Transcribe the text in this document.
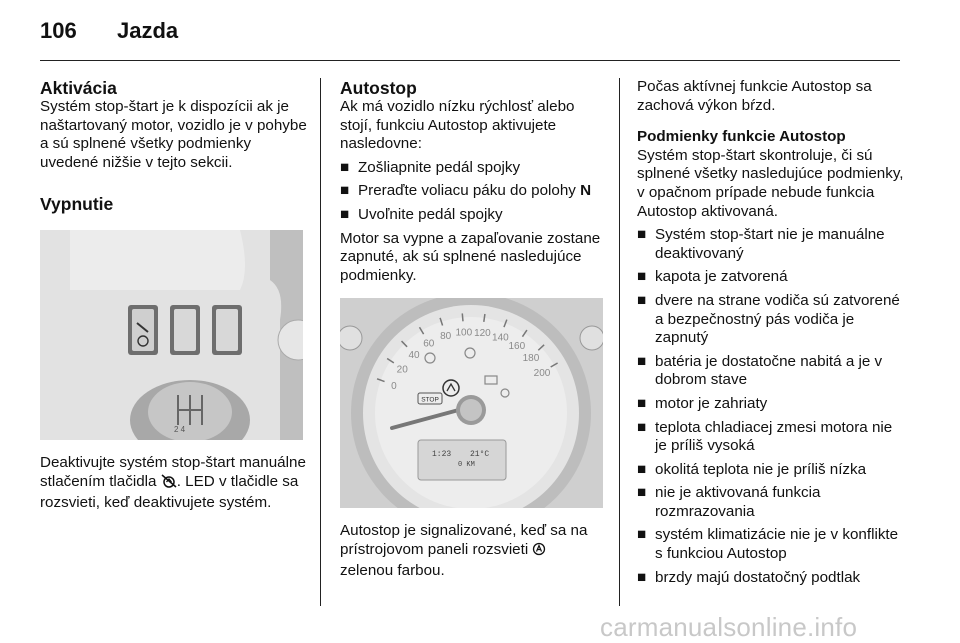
106 Jazda
Aktivácia

Systém stop-štart je k dispozícii ak je naštartovaný motor, vozidlo je v pohybe a sú splnené všetky podmienky uvedené nižšie v tejto sekcii.

Vypnutie
2 4

Deaktivujte systém stop-štart manuálne stlačením tlačidla . LED v tlačidle sa rozsvieti, keď deaktivujete systém.

Autostop

Ak má vozidlo nízku rýchlosť alebo stojí, funkciu Autostop aktivujete nasledovne:

■ Zošliapnite pedál spojky
■ Preraďte voliacu páku do polohy N
■ Uvoľnite pedál spojky

Motor sa vypne a zapaľovanie zostane zapnuté, ak sú splnené nasledujúce podmienky.

0
20
40
60
80 100 120 140
160
180
200
STOP
1:23 21°C
0 KM

Autostop je signalizované, keď sa na prístrojovom paneli rozsvieti
zelenou farbou.

Počas aktívnej funkcie Autostop sa zachová výkon bŕzd.

Podmienky funkcie Autostop

Systém stop-štart skontroluje, či sú splnené všetky nasledujúce podmienky, v opačnom prípade nebude funkcia Autostop aktivovaná.

■ Systém stop-štart nie je manuálne deaktivovaný
■ kapota je zatvorená
■ dvere na strane vodiča sú zatvorené a bezpečnostný pás vodiča je zapnutý
■ batéria je dostatočne nabitá a je v dobrom stave
■ motor je zahriaty
■ teplota chladiacej zmesi motora nie je príliš vysoká
■ okolitá teplota nie je príliš nízka
■ nie je aktivovaná funkcia rozmrazovania
■ systém klimatizácie nie je v konflikte s funkciou Autostop
■ brzdy majú dostatočný podtlak
carmanualsonline.info
